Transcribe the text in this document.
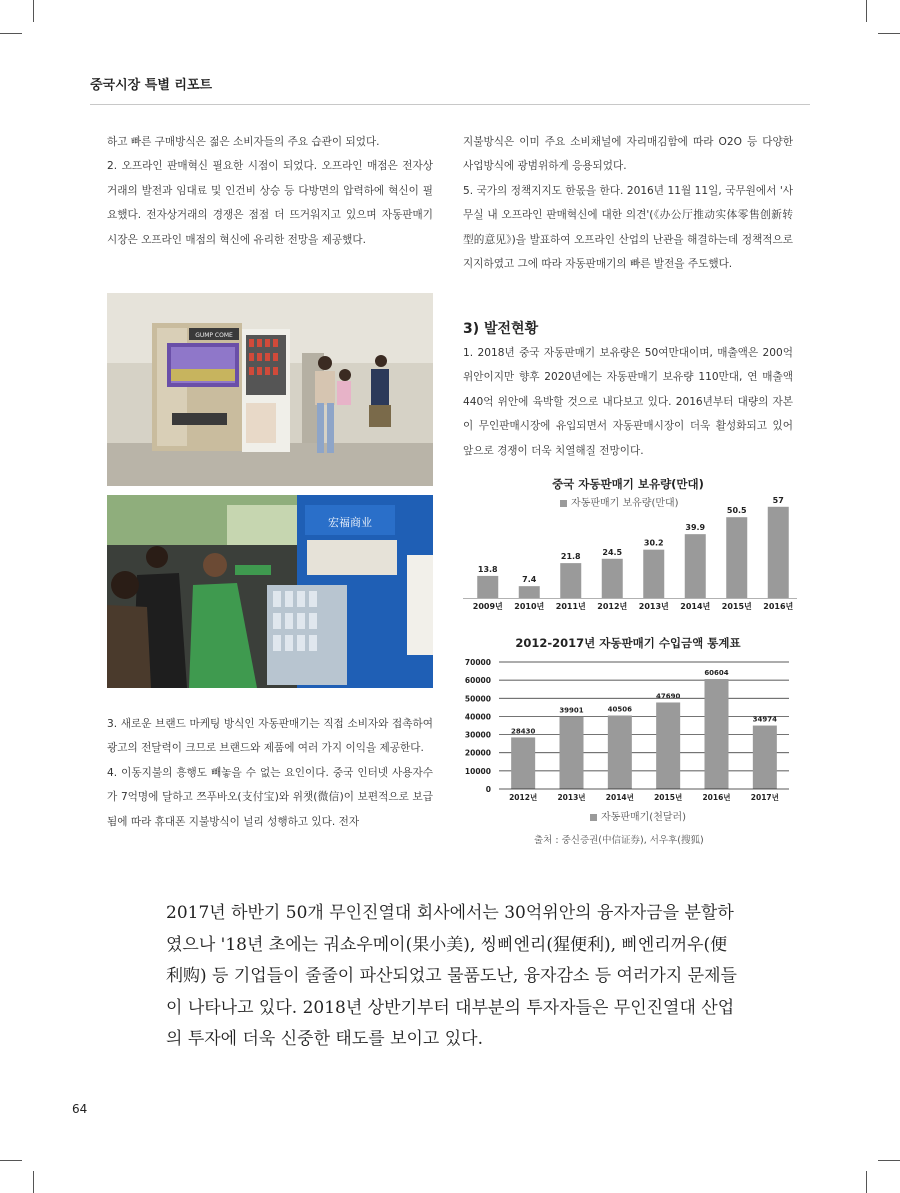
중국시장 특별 리포트

하고 빠른 구매방식은 젊은 소비자들의 주요 습관이 되었다.

2. 오프라인 판매혁신 필요한 시점이 되었다. 오프라인 매점은 전자상거래의 발전과 임대료 및 인건비 상승 등 다방면의 압력하에 혁신이 필요했다. 전자상거래의 경쟁은 점점 더 뜨거워지고 있으며 자동판매기 시장은 오프라인 매점의 혁신에 유리한 전망을 제공했다.

GUMP COME
宏福商业

3. 새로운 브랜드 마케팅 방식인 자동판매기는 직접 소비자와 접촉하여 광고의 전달력이 크므로 브랜드와 제품에 여러 가지 이익을 제공한다.

4. 이동지불의 흥행도 빼놓을 수 없는 요인이다. 중국 인터넷 사용자수가 7억명에 달하고 쯔푸바오(支付宝)와 위챗(微信)이 보편적으로 보급됨에 따라 휴대폰 지불방식이 널리 성행하고 있다. 전자

지불방식은 이미 주요 소비채널에 자리매김함에 따라 O2O 등 다양한 사업방식에 광범위하게 응용되었다.

5. 국가의 정책지지도 한몫을 한다. 2016년 11월 11일, 국무원에서 '사무실 내 오프라인 판매혁신에 대한 의견'(《办公厅推动实体零售创新转型的意见》)을 발표하여 오프라인 산업의 난관을 해결하는데 정책적으로 지지하였고 그에 따라 자동판매기의 빠른 발전을 주도했다.

3) 발전현황

1. 2018년 중국 자동판매기 보유량은 50여만대이며, 매출액은 200억 위안이지만 향후 2020년에는 자동판매기 보유량 110만대, 연 매출액 440억 위안에 육박할 것으로 내다보고 있다. 2016년부터 대량의 자본이 무인판매시장에 유입되면서 자동판매시장이 더욱 활성화되고 있어 앞으로 경쟁이 더욱 치열해질 전망이다.

중국 자동판매기 보유량(만대)
자동판매기 보유량(만대)
13.8
2009년
7.4
2010년
21.8
2011년
24.5
2012년
30.2
2013년
39.9
2014년
50.5
2015년
57
2016년
2012-2017년 자동판매기 수입금액 통계표
0
10000
20000
30000
40000
50000
60000
70000
28430
2012년
39901
2013년
40506
2014년
47690
2015년
60604
2016년
34974
2017년
자동판매기(천달러)
출처 : 중신증권(中信证券), 서우후(搜狐)

2017년 하반기 50개 무인진열대 회사에서는 30억위안의 융자자금을 분할하였으나 '18년 초에는 궈쇼우메이(果小美), 씽삐엔리(猩便利), 삐엔리꺼우(便利购) 등 기업들이 줄줄이 파산되었고 물품도난, 융자감소 등 여러가지 문제들이 나타나고 있다. 2018년 상반기부터 대부분의 투자자들은 무인진열대 산업의 투자에 더욱 신중한 태도를 보이고 있다.

64
